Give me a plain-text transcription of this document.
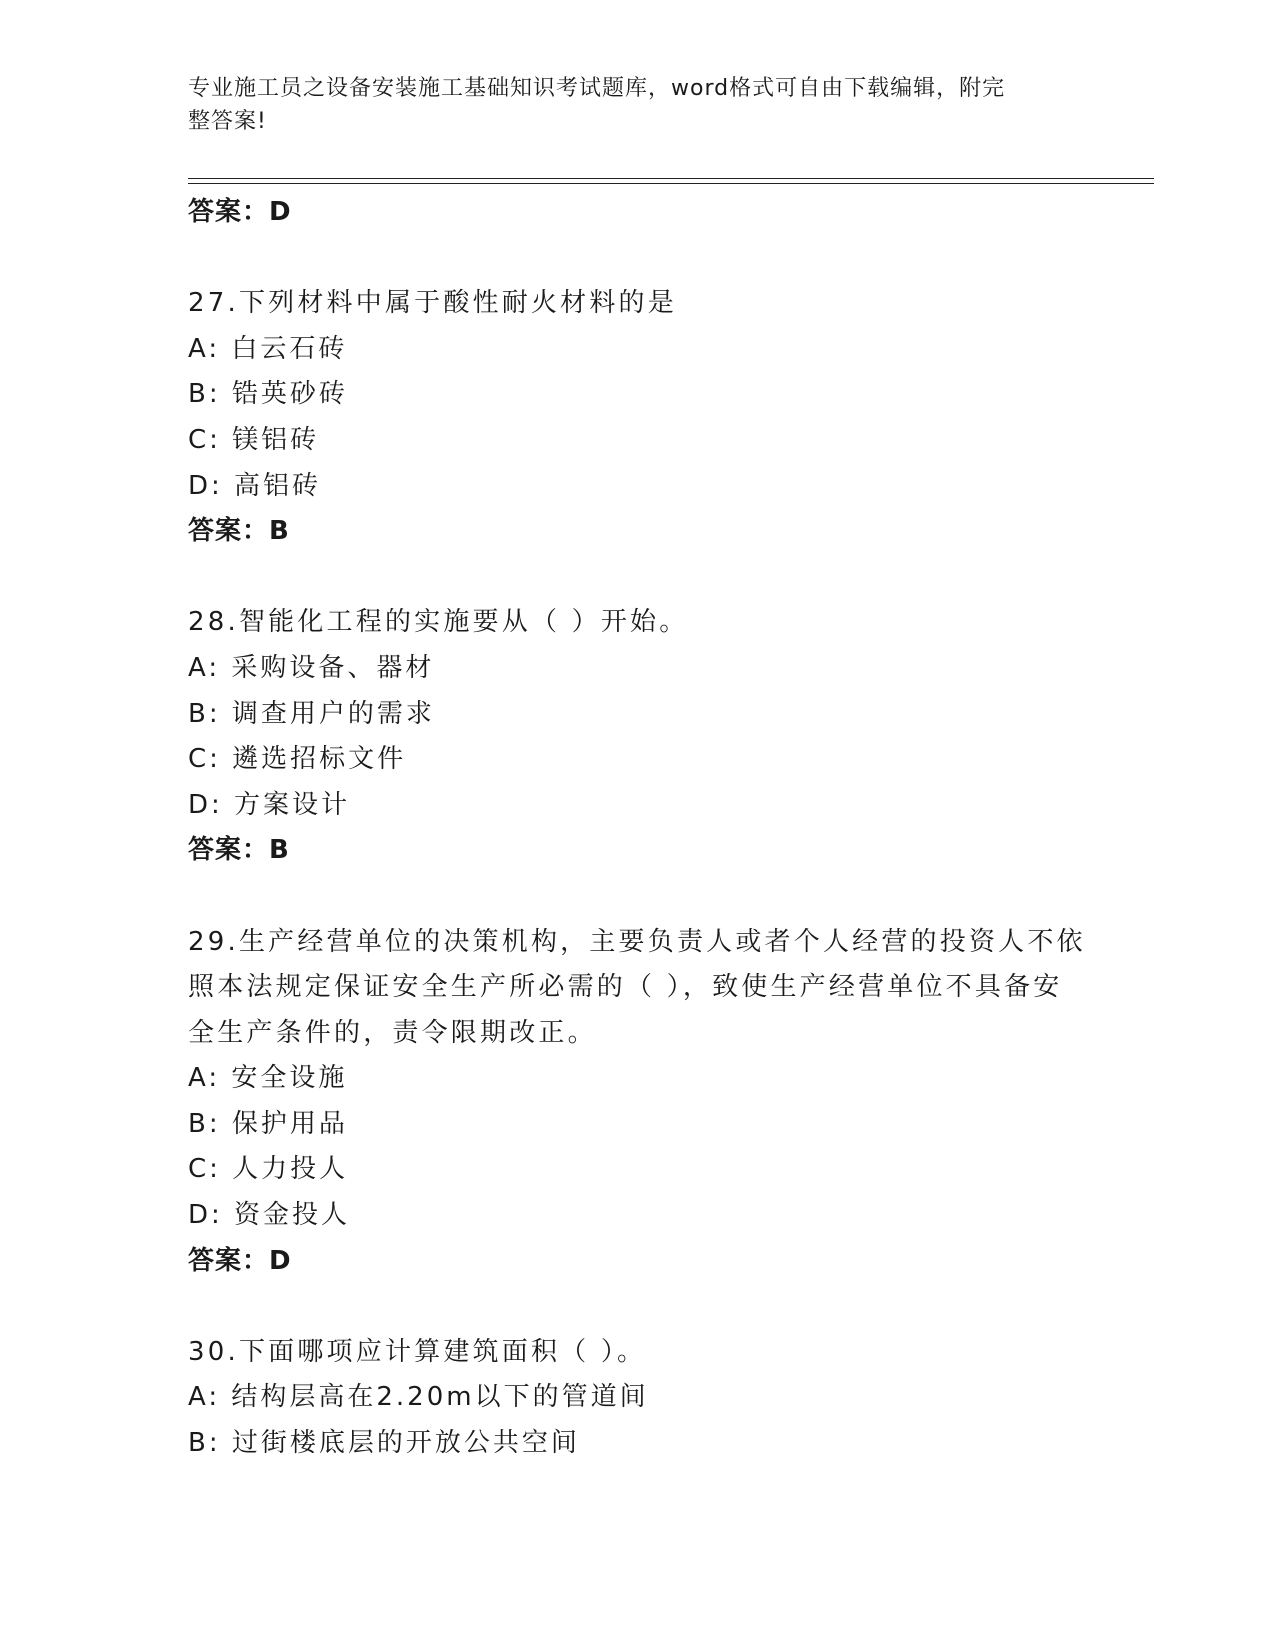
专业施工员之设备安装施工基础知识考试题库，word格式可自由下载编辑，附完
整答案!
答案：D
27.下列材料中属于酸性耐火材料的是
A: 白云石砖
B: 锆英砂砖
C: 镁铝砖
D: 高铝砖
答案：B
28.智能化工程的实施要从（ ）开始。
A: 采购设备、器材
B: 调查用户的需求
C: 遴选招标文件
D: 方案设计
答案：B
29.生产经营单位的决策机构，主要负责人或者个人经营的投资人不依
照本法规定保证安全生产所必需的（ ），致使生产经营单位不具备安
全生产条件的，责令限期改正。
A: 安全设施
B: 保护用品
C: 人力投人
D: 资金投人
答案：D
30.下面哪项应计算建筑面积（ ）。
A: 结构层高在2.20m以下的管道间
B: 过街楼底层的开放公共空间
